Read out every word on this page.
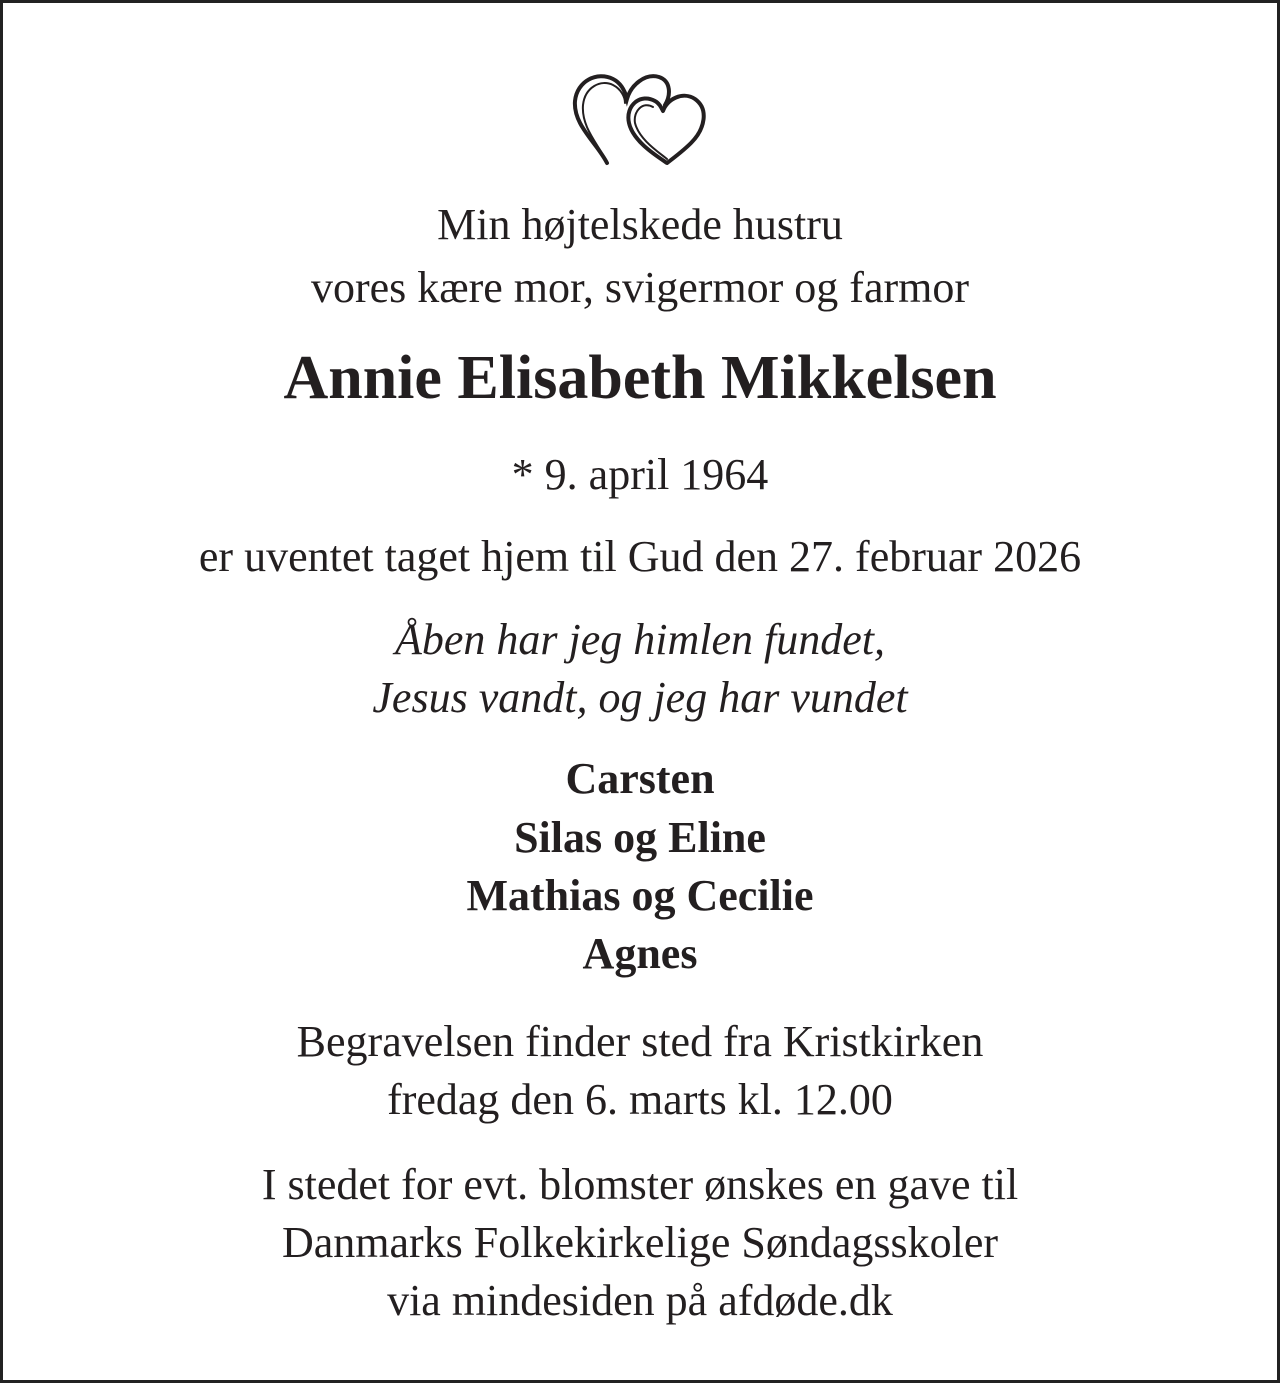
Min højtelskede hustru
vores kære mor, svigermor og farmor
Annie Elisabeth Mikkelsen
* 9. april 1964
er uventet taget hjem til Gud den 27. februar 2026
Åben har jeg himlen fundet,
Jesus vandt, og jeg har vundet
Carsten
Silas og Eline
Mathias og Cecilie
Agnes
Begravelsen finder sted fra Kristkirken
fredag den 6. marts kl. 12.00
I stedet for evt. blomster ønskes en gave til
Danmarks Folkekirkelige Søndagsskoler
via mindesiden på afdøde.dk
